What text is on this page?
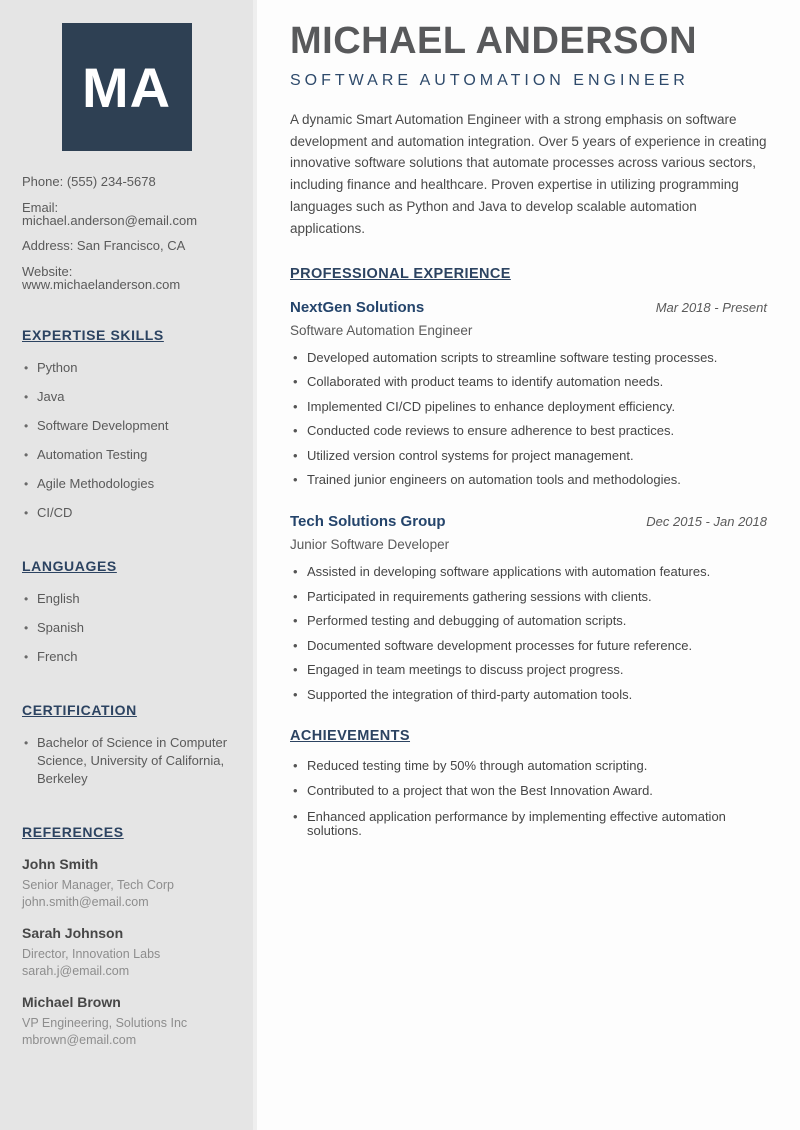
MA
Phone: (555) 234-5678
Email: michael.anderson@email.com
Address: San Francisco, CA
Website: www.michaelanderson.com
EXPERTISE SKILLS
• Python
• Java
• Software Development
• Automation Testing
• Agile Methodologies
• CI/CD
LANGUAGES
• English
• Spanish
• French
CERTIFICATION
• Bachelor of Science in Computer Science, University of California, Berkeley
REFERENCES
John Smith
Senior Manager, Tech Corp
john.smith@email.com
Sarah Johnson
Director, Innovation Labs
sarah.j@email.com
Michael Brown
VP Engineering, Solutions Inc
mbrown@email.com
MICHAEL ANDERSON
SOFTWARE AUTOMATION ENGINEER

A dynamic Smart Automation Engineer with a strong emphasis on software development and automation integration. Over 5 years of experience in creating innovative software solutions that automate processes across various sectors, including finance and healthcare. Proven expertise in utilizing programming languages such as Python and Java to develop scalable automation applications.

PROFESSIONAL EXPERIENCE
NextGen Solutions	Mar 2018 - Present
Software Automation Engineer
• Developed automation scripts to streamline software testing processes.
• Collaborated with product teams to identify automation needs.
• Implemented CI/CD pipelines to enhance deployment efficiency.
• Conducted code reviews to ensure adherence to best practices.
• Utilized version control systems for project management.
• Trained junior engineers on automation tools and methodologies.
Tech Solutions Group	Dec 2015 - Jan 2018
Junior Software Developer
• Assisted in developing software applications with automation features.
• Participated in requirements gathering sessions with clients.
• Performed testing and debugging of automation scripts.
• Documented software development processes for future reference.
• Engaged in team meetings to discuss project progress.
• Supported the integration of third-party automation tools.
ACHIEVEMENTS
• Reduced testing time by 50% through automation scripting.
• Contributed to a project that won the Best Innovation Award.
• Enhanced application performance by implementing effective automation solutions.
